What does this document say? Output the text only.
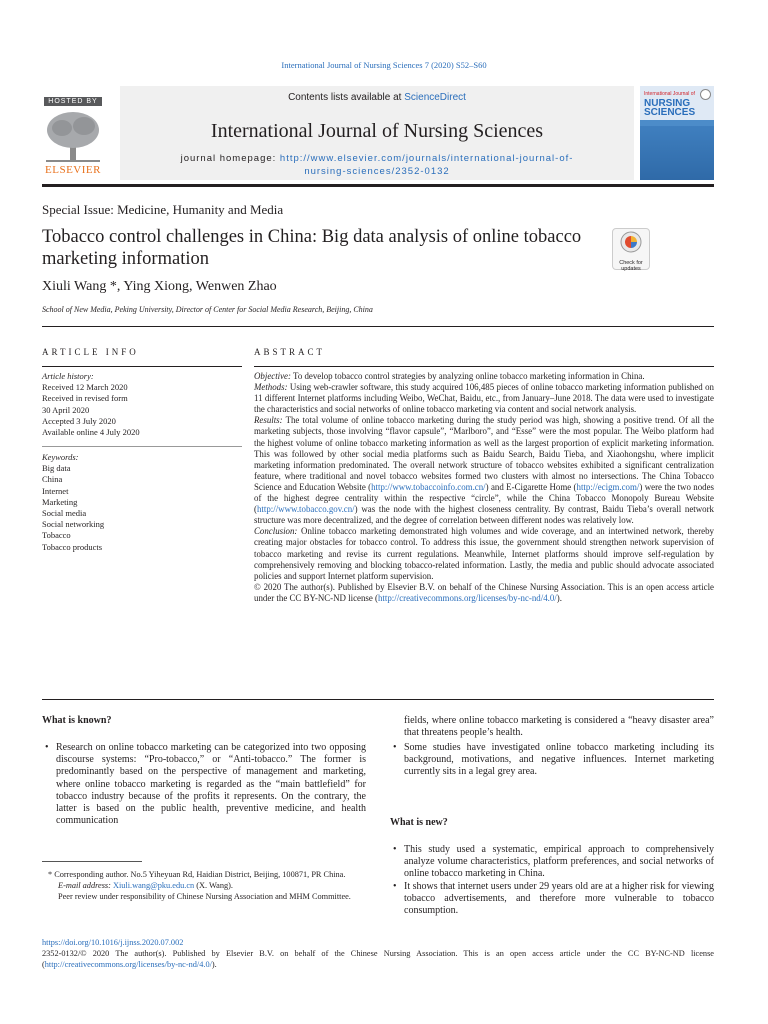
International Journal of Nursing Sciences 7 (2020) S52–S60
HOSTED BY
ELSEVIER
Contents lists available at ScienceDirect
International Journal of Nursing Sciences
journal homepage: http://www.elsevier.com/journals/international-journal-of-
nursing-sciences/2352-0132
International Journal of
NURSING
SCIENCES
Special Issue: Medicine, Humanity and Media
Tobacco control challenges in China: Big data analysis of online tobacco marketing information	Check for updates
Xiuli Wang *, Ying Xiong, Wenwen Zhao
School of New Media, Peking University, Director of Center for Social Media Research, Beijing, China
ARTICLE INFO
Article history:
Received 12 March 2020
Received in revised form
30 April 2020
Accepted 3 July 2020
Available online 4 July 2020
Keywords:
Big data
China
Internet
Marketing
Social media
Social networking
Tobacco
Tobacco products
ABSTRACT
Objective: To develop tobacco control strategies by analyzing online tobacco marketing information in China.
Methods: Using web-crawler software, this study acquired 106,485 pieces of online tobacco marketing information published on 11 different Internet platforms including Weibo, WeChat, Baidu, etc., from January–June 2018. The data were used to investigate the characteristics and social networks of online tobacco marketing via content and social network analysis.
Results: The total volume of online tobacco marketing during the study period was high, showing a positive trend. Of all the marketing subjects, those involving “flavor capsule”, “Marlboro”, and “Esse” were the most popular. The Weibo platform had the highest volume of online tobacco marketing information as well as the largest proportion of explicit marketing information. This was followed by other social media platforms such as Baidu Search, Baidu Tieba, and Xiaohongshu, where implicit marketing information predominated. The overall network structure of tobacco websites exhibited a significant centralization feature, where traditional and novel tobacco websites formed two clusters with almost no intersections. The China Tobacco Science and Education Website (http://www.tobaccoinfo.com.cn/) and E-Cigarette Home (http://ecigm.com/) were the two nodes of the highest degree centrality within the respective “circle”, while the China Tobacco Monopoly Bureau Website (http://www.tobacco.gov.cn/) was the node with the highest closeness centrality. By contrast, Baidu Tieba’s overall network structure was more decentralized, and the degree of correlation between different nodes was relatively low.
Conclusion: Online tobacco marketing demonstrated high volumes and wide coverage, and an intertwined network, thereby creating major obstacles for tobacco control. To address this issue, the government should strengthen network supervision of tobacco marketing and revise its current regulations. Meanwhile, Internet platforms should improve self-regulation by comprehensively removing and blocking tobacco-related information. Lastly, the media and public should advocate associated policies and support Internet platform supervision.
© 2020 The author(s). Published by Elsevier B.V. on behalf of the Chinese Nursing Association. This is an open access article under the CC BY-NC-ND license (http://creativecommons.org/licenses/by-nc-nd/4.0/).
What is known?
• Research on online tobacco marketing can be categorized into two opposing discourse systems: “Pro-tobacco,” or “Anti-tobacco.” The former is predominantly based on the perspective of management and marketing, where online tobacco marketing is regarded as the “main battlefield” for tobacco industry because of the profits it represents. On the contrary, the latter is based on the public health, preventive medicine, and health communication
* Corresponding author. No.5 Yiheyuan Rd, Haidian District, Beijing, 100871, PR China.
E-mail address: Xiuli.wang@pku.edu.cn (X. Wang).
Peer review under responsibility of Chinese Nursing Association and MHM Committee.
fields, where online tobacco marketing is considered a “heavy disaster area” that threatens people’s health.
• Some studies have investigated online tobacco marketing including its background, motivations, and negative influences. Internet marketing currently sits in a legal grey area.
What is new?
• This study used a systematic, empirical approach to comprehensively analyze volume characteristics, platform preferences, and social networks of online tobacco marketing in China.
• It shows that internet users under 29 years old are at a higher risk for viewing tobacco advertisements, and therefore more vulnerable to tobacco consumption.
https://doi.org/10.1016/j.ijnss.2020.07.002
2352-0132/© 2020 The author(s). Published by Elsevier B.V. on behalf of the Chinese Nursing Association. This is an open access article under the CC BY-NC-ND license (http://creativecommons.org/licenses/by-nc-nd/4.0/).
